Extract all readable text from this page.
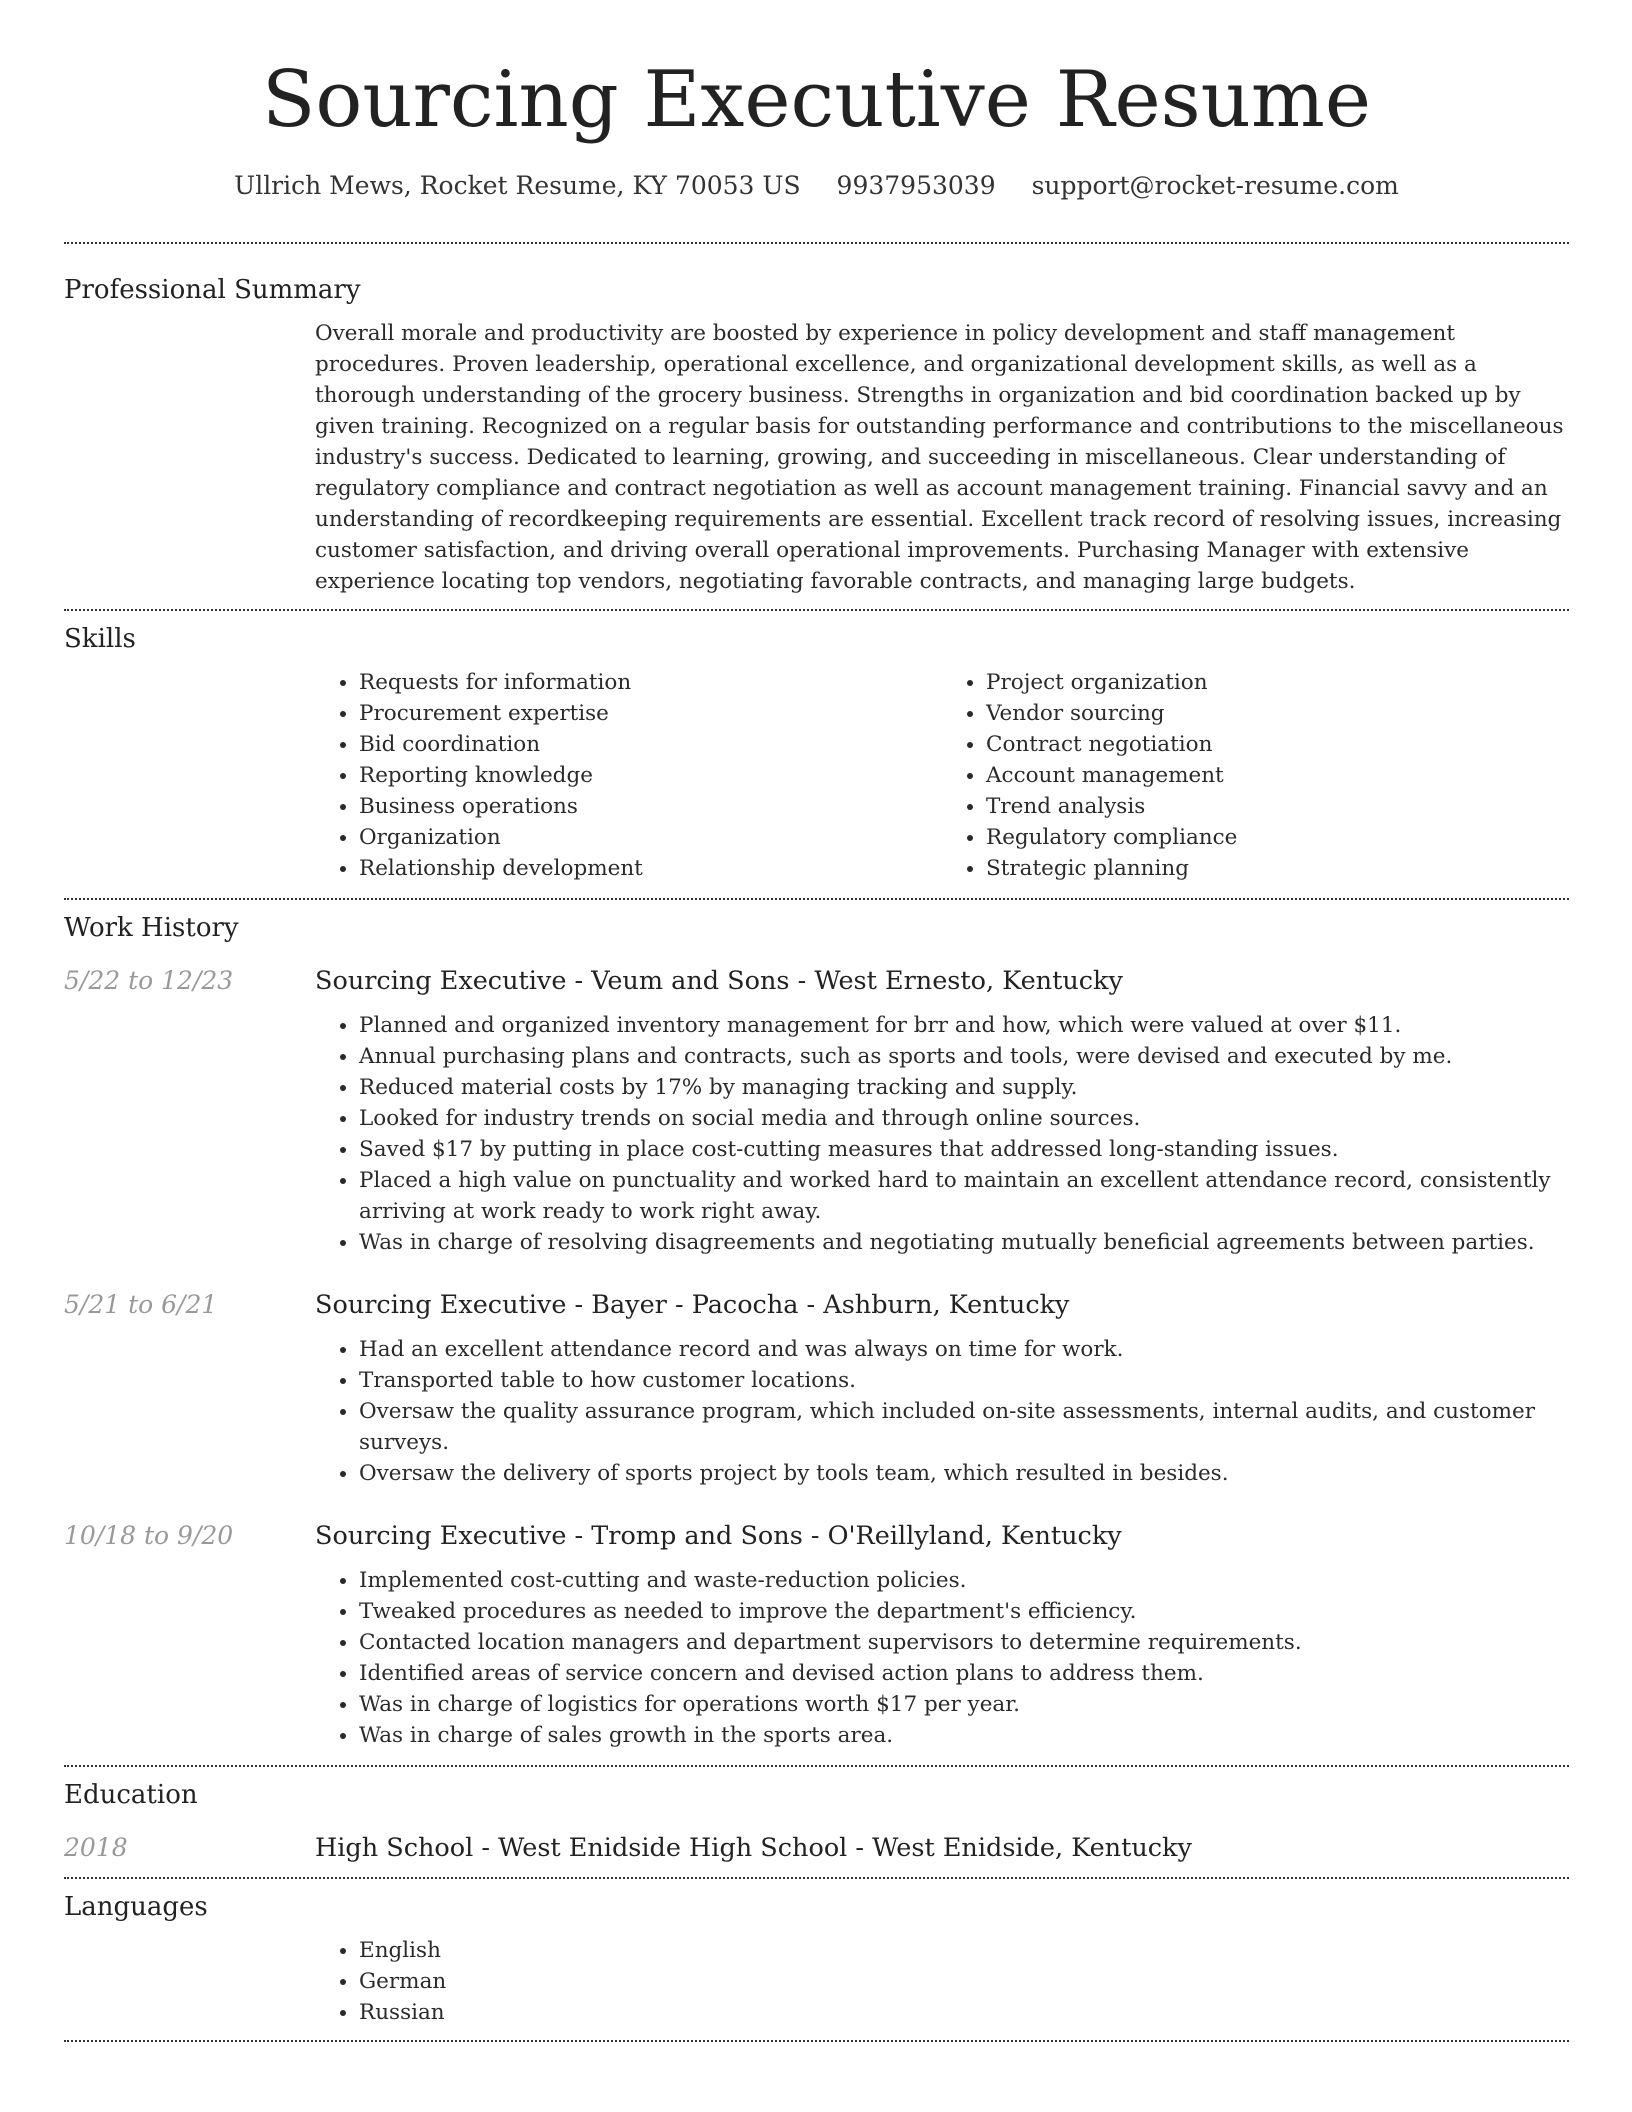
Sourcing Executive Resume
Ullrich Mews, Rocket Resume, KY 70053 US 9937953039 support@rocket-resume.com
Professional Summary
Overall morale and productivity are boosted by experience in policy development and staff management procedures. Proven leadership, operational excellence, and organizational development skills, as well as a thorough understanding of the grocery business. Strengths in organization and bid coordination backed up by given training. Recognized on a regular basis for outstanding performance and contributions to the miscellaneous industry's success. Dedicated to learning, growing, and succeeding in miscellaneous. Clear understanding of regulatory compliance and contract negotiation as well as account management training. Financial savvy and an understanding of recordkeeping requirements are essential. Excellent track record of resolving issues, increasing customer satisfaction, and driving overall operational improvements. Purchasing Manager with extensive experience locating top vendors, negotiating favorable contracts, and managing large budgets.
Skills
• Requests for information
• Procurement expertise
• Bid coordination
• Reporting knowledge
• Business operations
• Organization
• Relationship development
• Project organization
• Vendor sourcing
• Contract negotiation
• Account management
• Trend analysis
• Regulatory compliance
• Strategic planning
Work History
5/22 to 12/23	Sourcing Executive - Veum and Sons - West Ernesto, Kentucky
• Planned and organized inventory management for brr and how, which were valued at over $11.
• Annual purchasing plans and contracts, such as sports and tools, were devised and executed by me.
• Reduced material costs by 17% by managing tracking and supply.
• Looked for industry trends on social media and through online sources.
• Saved $17 by putting in place cost-cutting measures that addressed long-standing issues.
• Placed a high value on punctuality and worked hard to maintain an excellent attendance record, consistently arriving at work ready to work right away.
• Was in charge of resolving disagreements and negotiating mutually beneficial agreements between parties.
5/21 to 6/21	Sourcing Executive - Bayer - Pacocha - Ashburn, Kentucky
• Had an excellent attendance record and was always on time for work.
• Transported table to how customer locations.
• Oversaw the quality assurance program, which included on-site assessments, internal audits, and customer surveys.
• Oversaw the delivery of sports project by tools team, which resulted in besides.
10/18 to 9/20	Sourcing Executive - Tromp and Sons - O'Reillyland, Kentucky
• Implemented cost-cutting and waste-reduction policies.
• Tweaked procedures as needed to improve the department's efficiency.
• Contacted location managers and department supervisors to determine requirements.
• Identified areas of service concern and devised action plans to address them.
• Was in charge of logistics for operations worth $17 per year.
• Was in charge of sales growth in the sports area.
Education
2018	High School - West Enidside High School - West Enidside, Kentucky
Languages
• English
• German
• Russian
